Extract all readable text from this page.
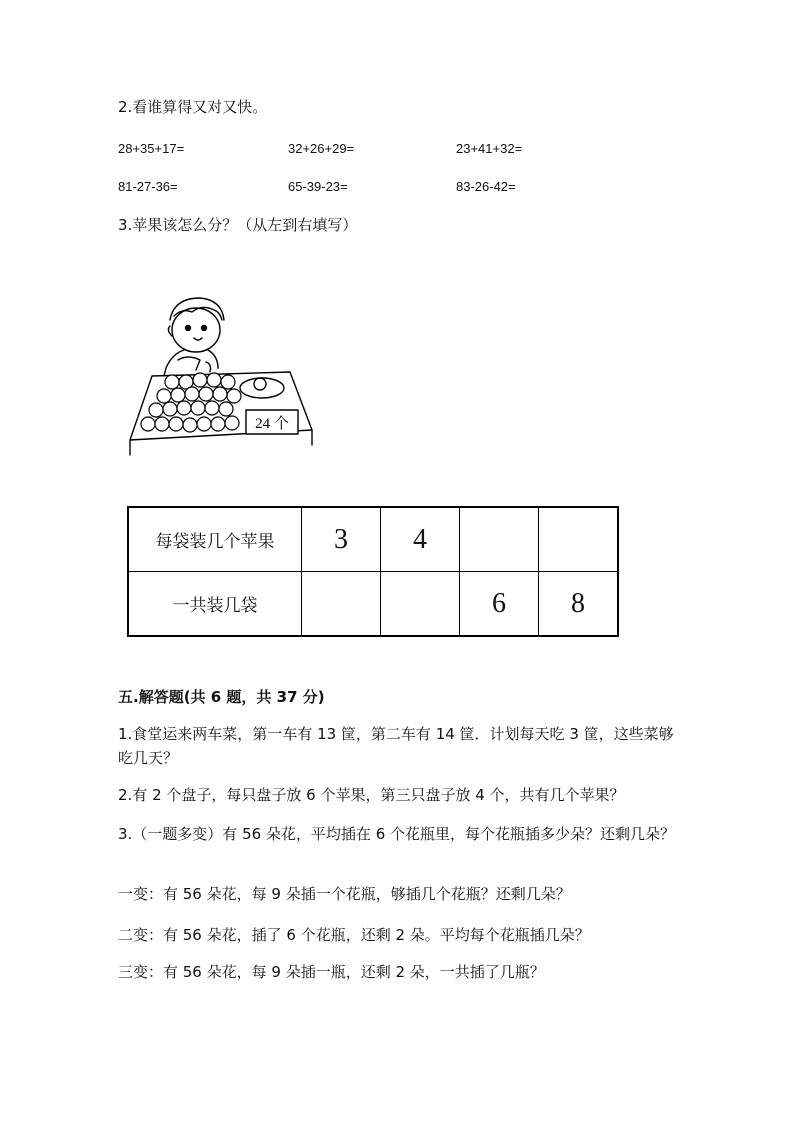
2.看谁算得又对又快。
28+35+17=	32+26+29=	23+41+32=
81-27-36=	65-39-23=	83-26-42=
3.苹果该怎么分？（从左到右填写）
24 个
每袋装几个苹果	3	4		
一共装几袋			6	8
五.解答题(共 6 题，共 37 分)
1.食堂运来两车菜，第一车有 13 筐，第二车有 14 筐．计划每天吃 3 筐，这些菜够吃几天？
2.有 2 个盘子，每只盘子放 6 个苹果，第三只盘子放 4 个，共有几个苹果？
3.（一题多变）有 56 朵花，平均插在 6 个花瓶里，每个花瓶插多少朵？还剩几朵？
一变：有 56 朵花，每 9 朵插一个花瓶，够插几个花瓶？还剩几朵？
二变：有 56 朵花，插了 6 个花瓶，还剩 2 朵。平均每个花瓶插几朵？
三变：有 56 朵花，每 9 朵插一瓶，还剩 2 朵，一共插了几瓶？
